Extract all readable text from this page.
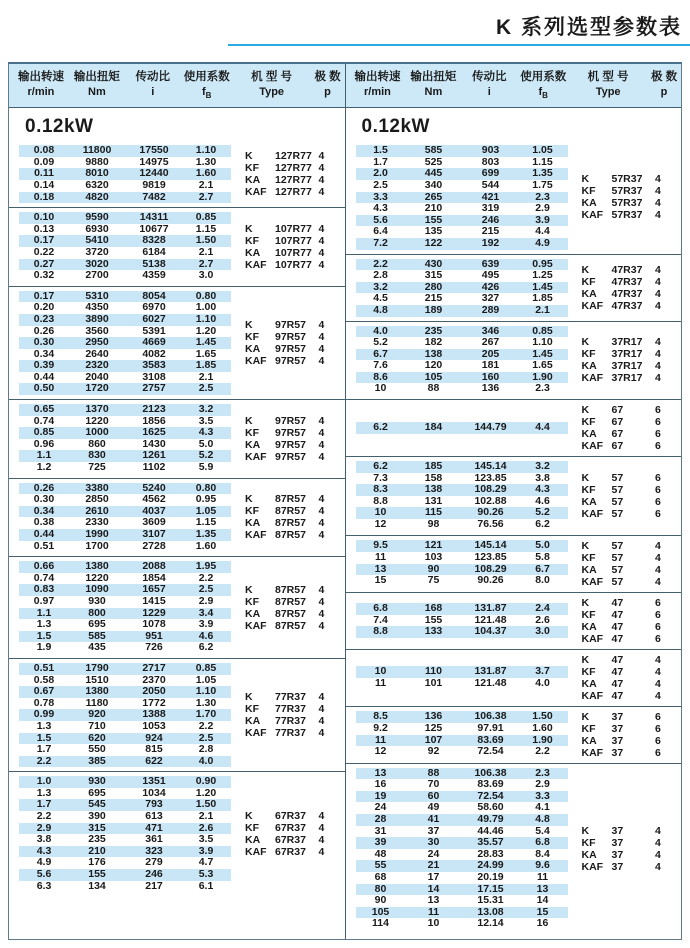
K 系列选型参数表
输出转速
r/min
输出扭矩
Nm
传动比
i
使用系数
$f_B$
机 型 号
Type
极 数
p
0.12kW
0.08	11800	17550	1.10
0.09	9880	14975	1.30
0.11	8010	12440	1.60
0.14	6320	9819	2.1
0.18	4820	7482	2.7
K	127R77 4
KF	127R77 4
KA	127R77 4
KAF 127R77 4
0.10	9590	14311	0.85
0.13	6930	10677	1.15
0.17	5410	8328	1.50
0.22	3720	6184	2.1
0.27	3020	5138	2.7
0.32	2700	4359	3.0
K	107R77 4
KF	107R77 4
KA	107R77 4
KAF 107R77 4
0.17	5310	8054	0.80
0.20	4350	6970	1.00
0.23	3890	6027	1.10
0.26	3560	5391	1.20
0.30	2950	4669	1.45
0.34	2640	4082	1.65
0.39	2320	3583	1.85
0.44	2040	3108	2.1
0.50	1720	2757	2.5
K	97R57	4
KF	97R57	4
KA	97R57	4
KAF 97R57	4
0.65	1370	2123	3.2
0.74	1220	1856	3.5
0.85	1000	1625	4.3
0.96	860	1430	5.0
1.1	830	1261	5.2
1.2	725	1102	5.9
K	97R57	4
KF	97R57	4
KA	97R57	4
KAF 97R57	4
0.26	3380	5240	0.80
0.30	2850	4562	0.95
0.34	2610	4037	1.05
0.38	2330	3609	1.15
0.44	1990	3107	1.35
0.51	1700	2728	1.60
K	87R57	4
KF	87R57	4
KA	87R57	4
KAF 87R57	4
0.66	1380	2088	1.95
0.74	1220	1854	2.2
0.83	1090	1657	2.5
0.97	930	1415	2.9
1.1	800	1229	3.4
1.3	695	1078	3.9
1.5	585	951	4.6
1.9	435	726	6.2
K	87R57	4
KF	87R57	4
KA	87R57	4
KAF 87R57	4
0.51	1790	2717	0.85
0.58	1510	2370	1.05
0.67	1380	2050	1.10
0.78	1180	1772	1.30
0.99	920	1388	1.70
1.3	710	1053	2.2
1.5	620	924	2.5
1.7	550	815	2.8
2.2	385	622	4.0
K	77R37	4
KF	77R37	4
KA	77R37	4
KAF 77R37	4
1.0	930	1351	0.90
1.3	695	1034	1.20
1.7	545	793	1.50
2.2	390	613	2.1
2.9	315	471	2.6
3.8	235	361	3.5
4.3	210	323	3.9
4.9	176	279	4.7
5.6	155	246	5.3
6.3	134	217	6.1
K	67R37	4
KF	67R37	4
KA	67R37	4
KAF 67R37	4
输出转速
r/min
输出扭矩
Nm
传动比
i
使用系数
$f_B$
机 型 号
Type
极 数
p
0.12kW
1.5	585	903	1.05
1.7	525	803	1.15
2.0	445	699	1.35
2.5	340	544	1.75
3.3	265	421	2.3
4.3	210	319	2.9
5.6	155	246	3.9
6.4	135	215	4.4
7.2	122	192	4.9
K	57R37	4
KF	57R37	4
KA	57R37	4
KAF 57R37	4
2.2	430	639	0.95
2.8	315	495	1.25
3.2	280	426	1.45
4.5	215	327	1.85
4.8	189	289	2.1
K	47R37	4
KF	47R37	4
KA	47R37	4
KAF 47R37	4
4.0	235	346	0.85
5.2	182	267	1.10
6.7	138	205	1.45
7.6	120	181	1.65
8.6	105	160	1.90
10	88	136	2.3
K	37R17	4
KF	37R17	4
KA	37R17	4
KAF 37R17	4
6.2	184	144.79	4.4
K	67	6
KF	67	6
KA	67	6
KAF 67	6
6.2	185	145.14	3.2
7.3	158	123.85	3.8
8.3	138	108.29	4.3
8.8	131	102.88	4.6
10	115	90.26	5.2
12	98	76.56	6.2
K	57	6
KF	57	6
KA	57	6
KAF 57	6
9.5	121	145.14	5.0
11	103	123.85	5.8
13	90	108.29	6.7
15	75	90.26	8.0
K	57	4
KF	57	4
KA	57	4
KAF 57	4
6.8	168	131.87	2.4
7.4	155	121.48	2.6
8.8	133	104.37	3.0
K	47	6
KF	47	6
KA	47	6
KAF 47	6
10	110	131.87	3.7
11	101	121.48	4.0
K	47	4
KF	47	4
KA	47	4
KAF 47	4
8.5	136	106.38	1.50
9.2	125	97.91	1.60
11	107	83.69	1.90
12	92	72.54	2.2
K	37	6
KF	37	6
KA	37	6
KAF 37	6
13	88	106.38	2.3
16	70	83.69	2.9
19	60	72.54	3.3
24	49	58.60	4.1
28	41	49.79	4.8
31	37	44.46	5.4
39	30	35.57	6.8
48	24	28.83	8.4
55	21	24.99	9.6
68	17	20.19	11
80	14	17.15	13
90	13	15.31	14
105	11	13.08	15
114	10	12.14	16
K	37	4
KF	37	4
KA	37	4
KAF 37	4
